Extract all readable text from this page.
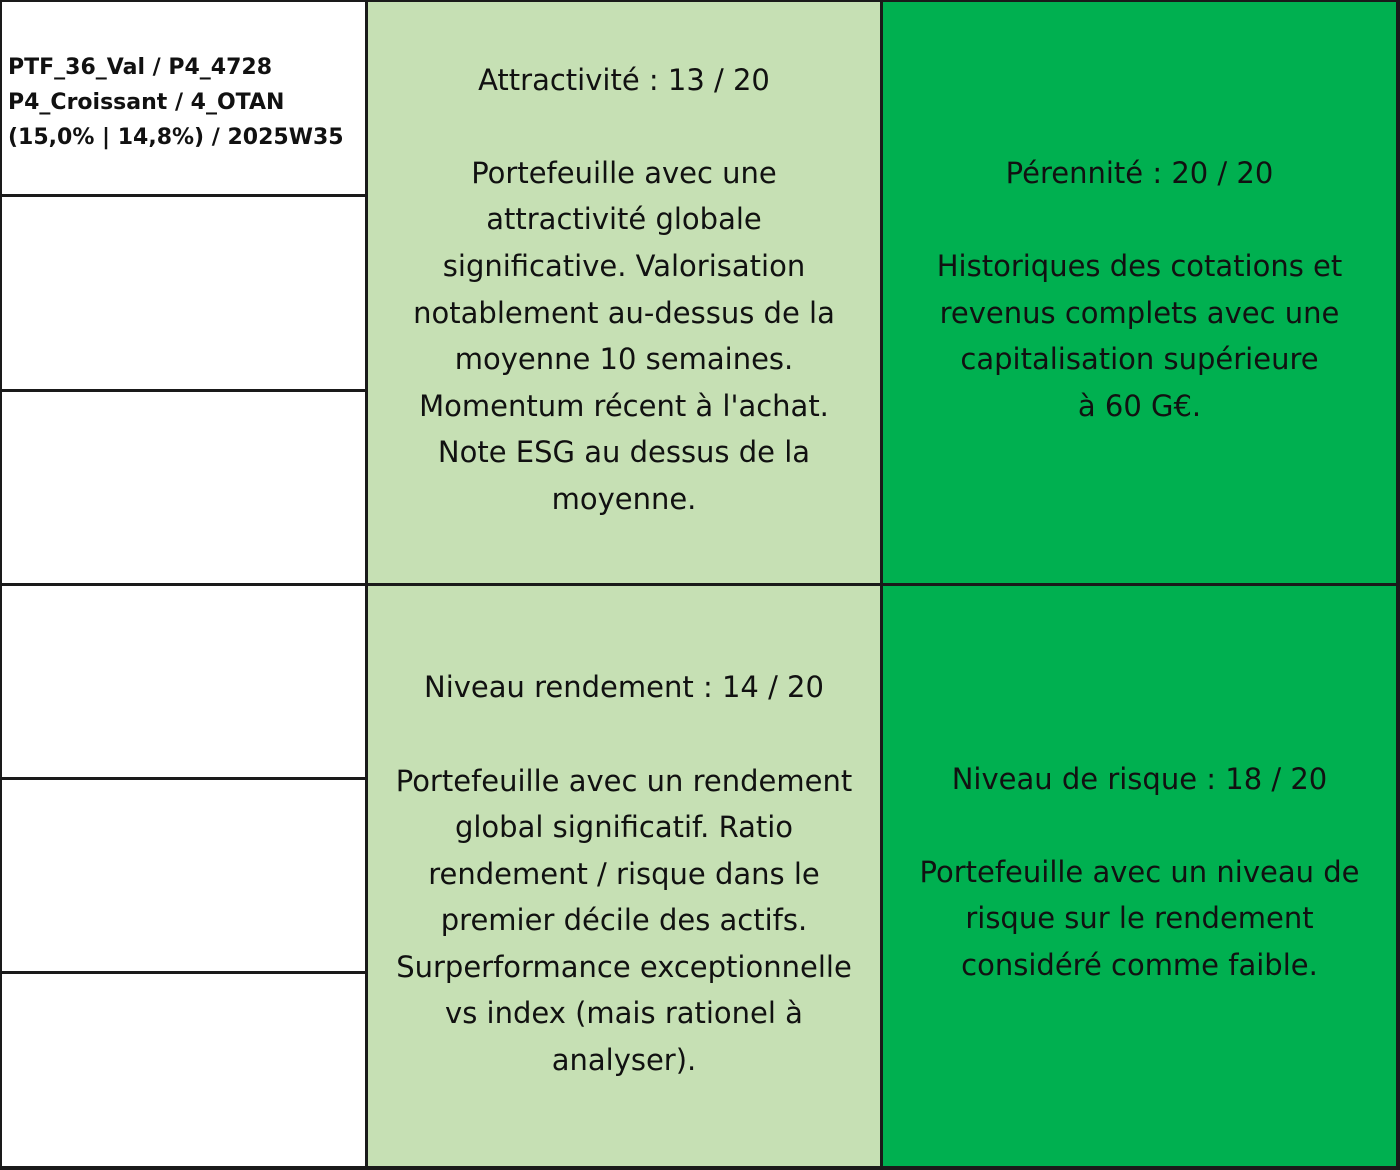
PTF_36_Val / P4_4728
P4_Croissant / 4_OTAN
(15,0% | 14,8%) / 2025W35
Attractivité : 13 / 20
Portefeuille avec une
attractivité globale
significative. Valorisation
notablement au-dessus de la
moyenne 10 semaines.
Momentum récent à l'achat.
Note ESG au dessus de la
moyenne.
Pérennité : 20 / 20
Historiques des cotations et
revenus complets avec une
capitalisation supérieure
à 60 G€.
Niveau rendement : 14 / 20
Portefeuille avec un rendement
global significatif. Ratio
rendement / risque dans le
premier décile des actifs.
Surperformance exceptionnelle
vs index (mais rationel à
analyser).
Niveau de risque : 18 / 20
Portefeuille avec un niveau de
risque sur le rendement
considéré comme faible.
